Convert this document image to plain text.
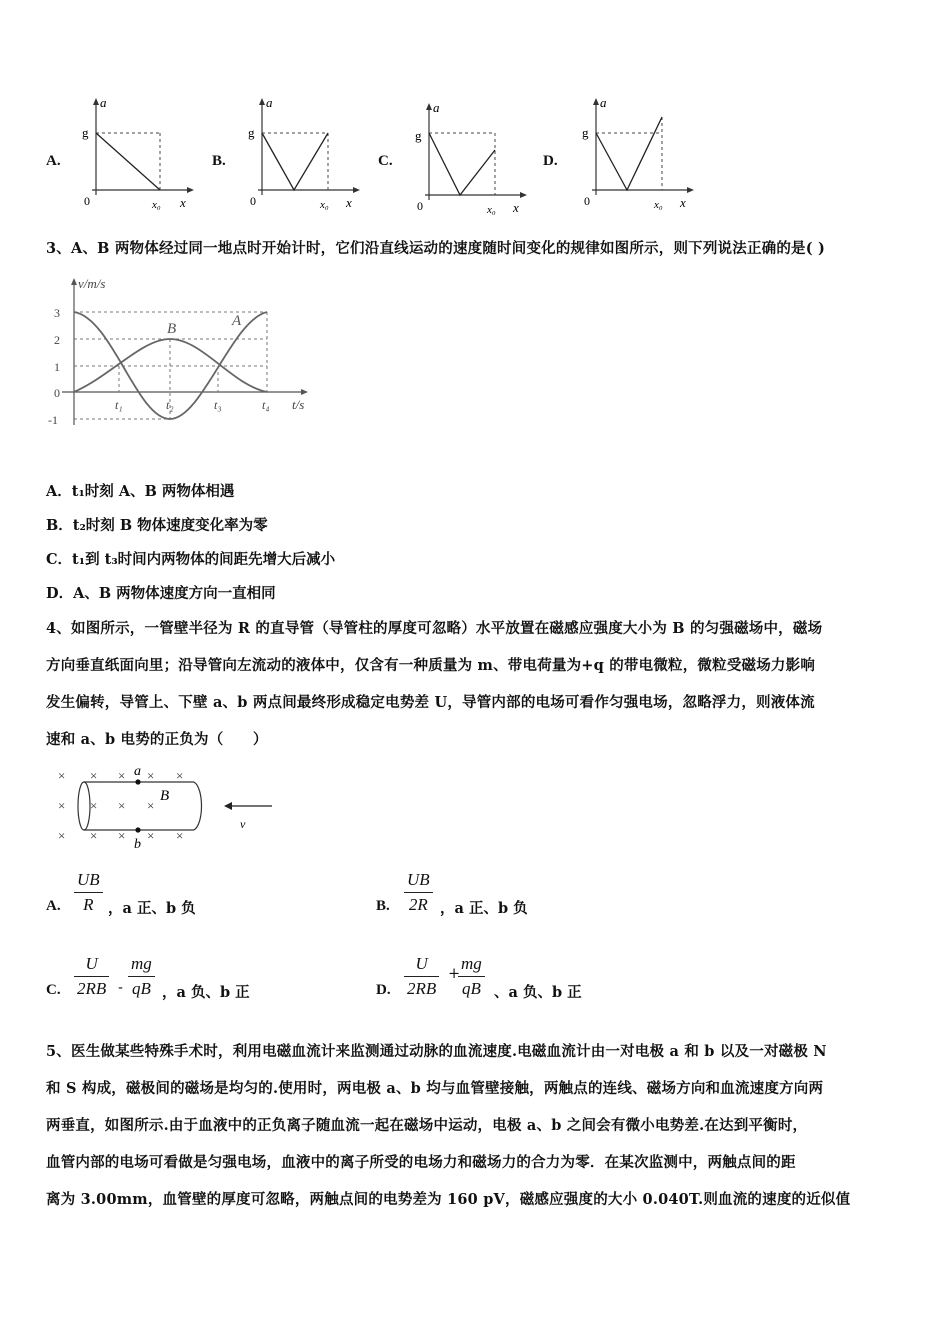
A.	B.	C.	D.
a
g
0	x₀ x
a
g
0	x₀ x
a
g
0	x₀ x
a
g
0	x₀ x
3、A、B 两物体经过同一地点时开始计时，它们沿直线运动的速度随时间变化的规律如图所示，则下列说法正确的是( )
v/m/s
t/s
3
2
1
0
-1
t₁	t₂	t₃	t₄
A
B
A．t₁时刻 A、B 两物体相遇
B．t₂时刻 B 物体速度变化率为零
C．t₁到 t₃时间内两物体的间距先增大后减小
D．A、B 两物体速度方向一直相同
4、如图所示，一管壁半径为 R 的直导管（导管柱的厚度可忽略）水平放置在磁感应强度大小为 B 的匀强磁场中，磁场
方向垂直纸面向里；沿导管向左流动的液体中，仅含有一种质量为 m、带电荷量为+q 的带电微粒，微粒受磁场力影响
发生偏转，导管上、下壁 a、b 两点间最终形成稳定电势差 U，导管内部的电场可看作匀强电场，忽略浮力，则液体流
速和 a、b 电势的正负为（　　）
× × × × ×
× × × ×
× × × × ×
a
b
B
v
A.
UB
R ，a 正、b 负	B.
UB
2R ，a 正、b 负
C.
U
2RB -
mg
qB ，a 负、b 正	D.
U
2RB
+
mg
qB 、a 负、b 正
5、医生做某些特殊手术时，利用电磁血流计来监测通过动脉的血流速度.电磁血流计由一对电极 a 和 b 以及一对磁极 N
和 S 构成，磁极间的磁场是均匀的.使用时，两电极 a、b 均与血管壁接触，两触点的连线、磁场方向和血流速度方向两
两垂直，如图所示.由于血液中的正负离子随血流一起在磁场中运动，电极 a、b 之间会有微小电势差.在达到平衡时，
血管内部的电场可看做是匀强电场，血液中的离子所受的电场力和磁场力的合力为零．在某次监测中，两触点间的距
离为 3.00mm，血管壁的厚度可忽略，两触点间的电势差为 160 pV，磁感应强度的大小 0.040T.则血流的速度的近似值
